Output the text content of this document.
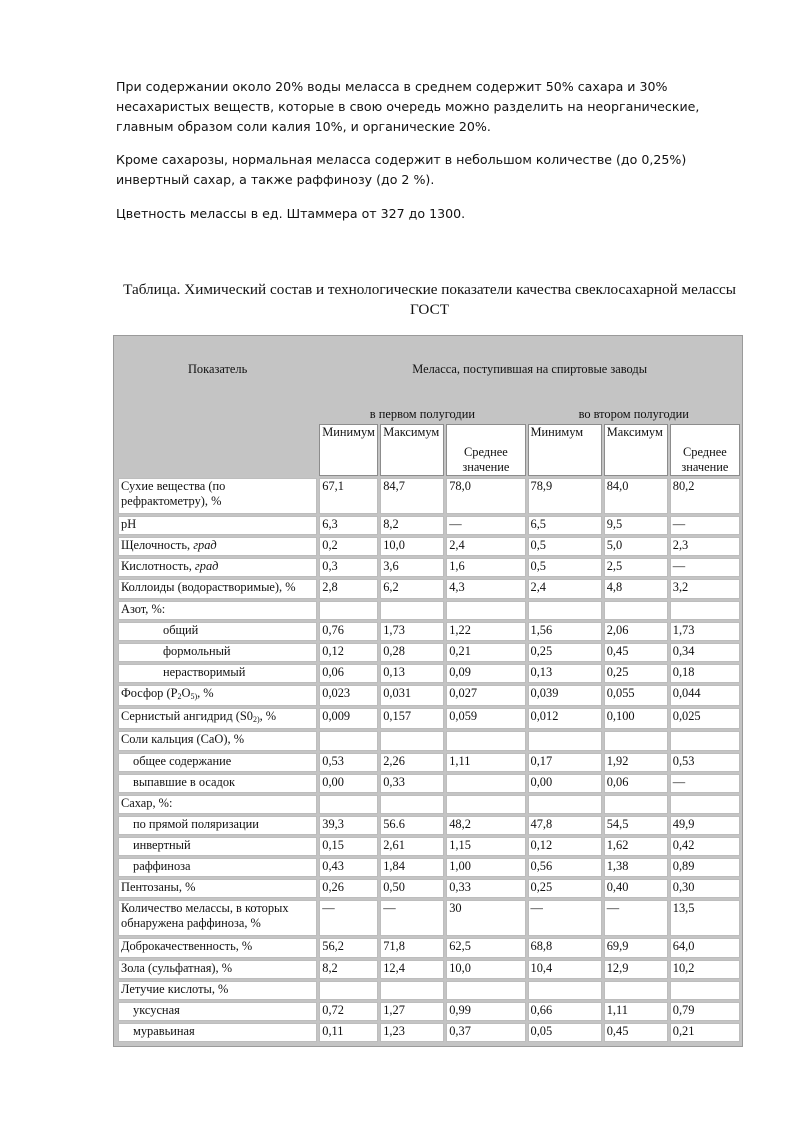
При содержании около 20% воды меласса в среднем содержит 50% сахара и 30% несахаристых веществ, которые в свою очередь можно разделить на неорганические, главным образом соли калия 10%, и органические 20%.

Кроме сахарозы, нормальная меласса содержит в небольшом количестве (до 0,25%) инвертный сахар, а также раффинозу (до 2 %).

Цветность мелассы в ед. Штаммера от 327 до 1300.

Таблица. Химический состав и технологические показатели качества свеклосахарной мелассы ГОСТ

Показатель	Меласса, поступившая на спиртовые заводы					
	в первом полугодии			во втором полугодии		
	Минимум	Максимум	Среднее значение	Минимум	Максимум	Среднее значение
Сухие вещества (по рефрактометру), %	67,1	84,7	78,0	78,9	84,0	80,2
pH	6,3	8,2	—	6,5	9,5	—
Щелочность, град	0,2	10,0	2,4	0,5	5,0	2,3
Кислотность, град	0,3	3,6	1,6	0,5	2,5	—
Коллоиды (водорастворимые), %	2,8	6,2	4,3	2,4	4,8	3,2
Азот, %:						
общий	0,76	1,73	1,22	1,56	2,06	1,73
формольный	0,12	0,28	0,21	0,25	0,45	0,34
нерастворимый	0,06	0,13	0,09	0,13	0,25	0,18
Фосфор ($P_2O_{5)}$, %	0,023	0,031	0,027	0,039	0,055	0,044
Сернистый ангидрид ($S0_{2)}$, %	0,009	0,157	0,059	0,012	0,100	0,025
Соли кальция (CaO), %						
общее содержание	0,53	2,26	1,11	0,17	1,92	0,53
выпавшие в осадок	0,00	0,33		0,00	0,06	—
Сахар, %:						
по прямой поляризации	39,3	56.6	48,2	47,8	54,5	49,9
инвертный	0,15	2,61	1,15	0,12	1,62	0,42
раффиноза	0,43	1,84	1,00	0,56	1,38	0,89
Пентозаны, %	0,26	0,50	0,33	0,25	0,40	0,30
Количество мелассы, в которых обнаружена раффиноза, %	—	—	30	—	—	13,5
Доброкачественность, %	56,2	71,8	62,5	68,8	69,9	64,0
Зола (сульфатная), %	8,2	12,4	10,0	10,4	12,9	10,2
Летучие кислоты, %						
уксусная	0,72	1,27	0,99	0,66	1,11	0,79
муравьиная	0,11	1,23	0,37	0,05	0,45	0,21
